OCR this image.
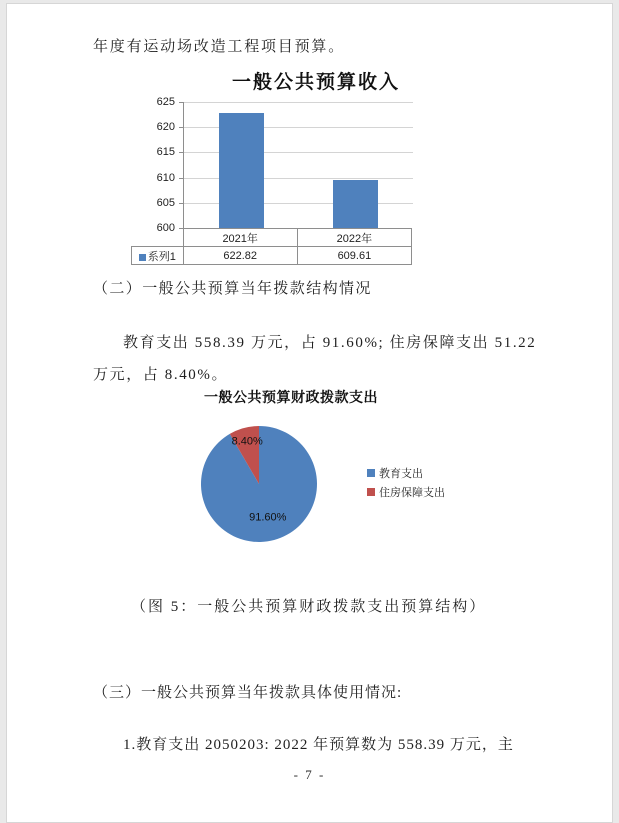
年度有运动场改造工程项目预算。

一般公共预算收入
600
605
610
615
620
625
	2021年	2022年
系列1	622.82	609.61

（二）一般公共预算当年拨款结构情况

教育支出 558.39 万元，占 91.60%; 住房保障支出 51.22

万元，占 8.40%。

一般公共预算财政拨款支出
91.60%
8.40%
教育支出
住房保障支出

（图 5：一般公共预算财政拨款支出预算结构）

（三）一般公共预算当年拨款具体使用情况:

1.教育支出 2050203: 2022 年预算数为 558.39 万元，主

- 7 -
